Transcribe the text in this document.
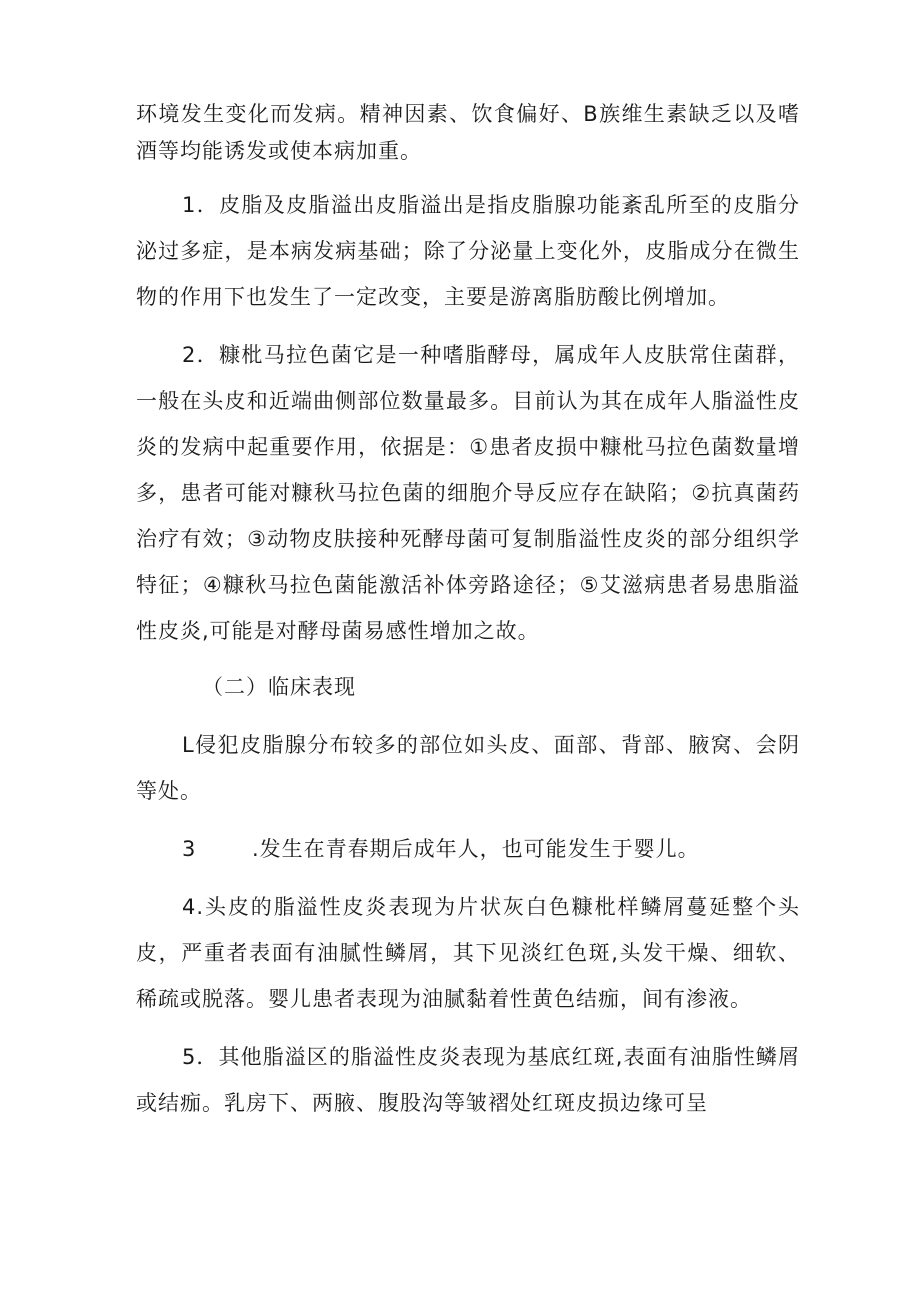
环境发生变化而发病。精神因素、饮食偏好、B族维生素缺乏以及嗜酒等均能诱发或使本病加重。

1．皮脂及皮脂溢出皮脂溢出是指皮脂腺功能紊乱所至的皮脂分泌过多症，是本病发病基础；除了分泌量上变化外，皮脂成分在微生物的作用下也发生了一定改变，主要是游离脂肪酸比例增加。

2．糠枇马拉色菌它是一种嗜脂酵母，属成年人皮肤常住菌群，一般在头皮和近端曲侧部位数量最多。目前认为其在成年人脂溢性皮炎的发病中起重要作用，依据是：①患者皮损中糠枇马拉色菌数量增多，患者可能对糠秋马拉色菌的细胞介导反应存在缺陷；②抗真菌药治疗有效；③动物皮肤接种死酵母菌可复制脂溢性皮炎的部分组织学特征；④糠秋马拉色菌能激活补体旁路途径；⑤艾滋病患者易患脂溢性皮炎,可能是对酵母菌易感性增加之故。

（二）临床表现

L侵犯皮脂腺分布较多的部位如头皮、面部、背部、腋窝、会阴等处。

3	.发生在青春期后成年人，也可能发生于婴儿。

4.头皮的脂溢性皮炎表现为片状灰白色糠枇样鳞屑蔓延整个头皮，严重者表面有油腻性鳞屑，其下见淡红色斑,头发干燥、细软、稀疏或脱落。婴儿患者表现为油腻黏着性黄色结痂，间有渗液。

5．其他脂溢区的脂溢性皮炎表现为基底红斑,表面有油脂性鳞屑或结痂。乳房下、两腋、腹股沟等皱褶处红斑皮损边缘可呈
